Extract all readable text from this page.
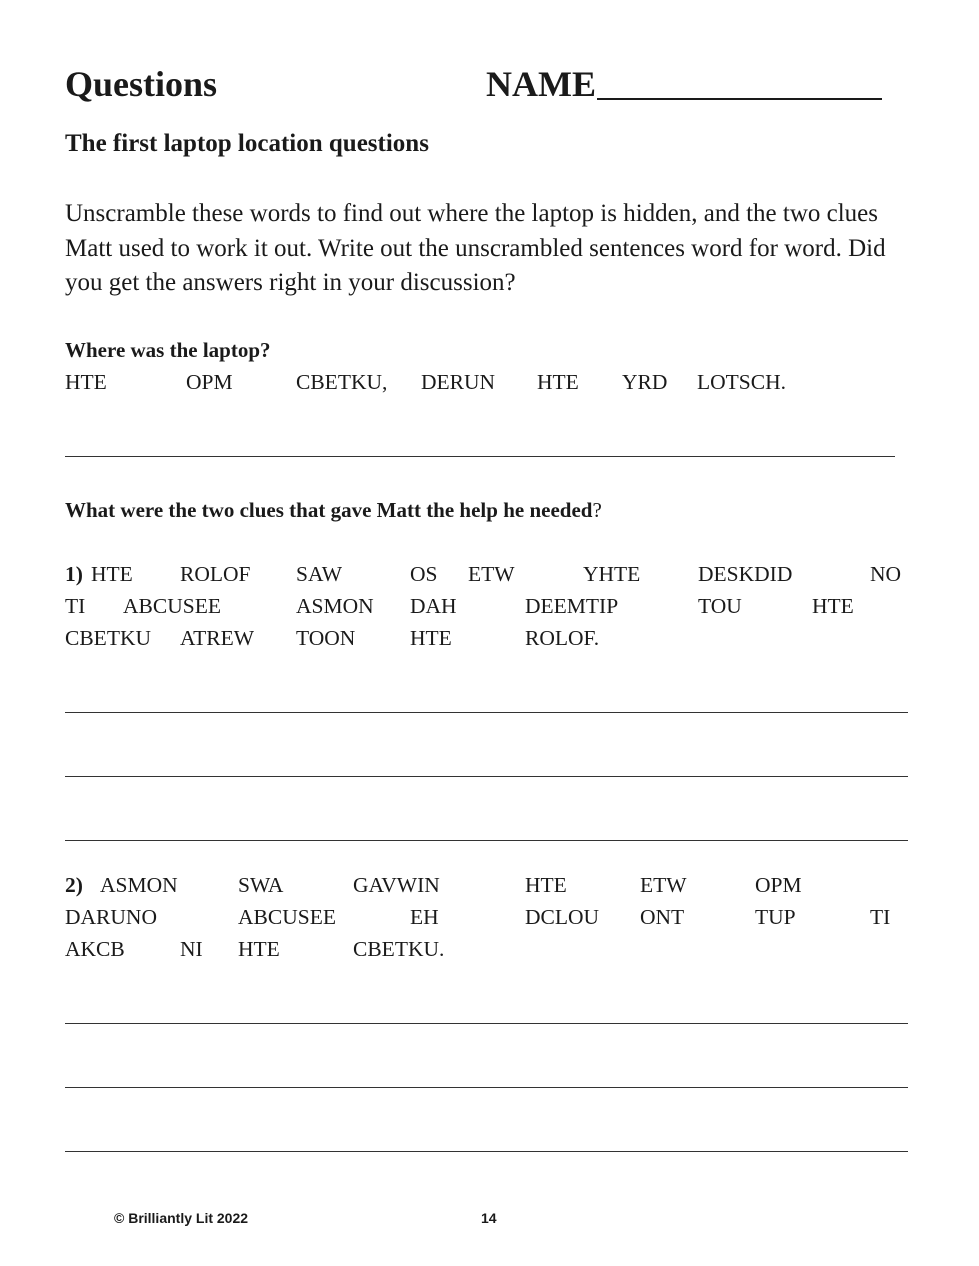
Questions	NAME
The first laptop location questions
Unscramble these words to find out where the laptop is hidden, and the two clues Matt used to work it out. Write out the unscrambled sentences word for word. Did you get the answers right in your discussion?
Where was the laptop?
HTE	OPM	CBETKU, DERUN HTE YRD LOTSCH.
What were the two clues that gave Matt the help he needed?
1) HTE ROLOF SAW	OS ETW	YHTE	DESKDID	NO
TI ABCUSEE	ASMON DAH	DEEMTIP	TOU	HTE
CBETKU ATREW TOON	HTE	ROLOF.
2) ASMON	SWA	GAVWIN	HTE	ETW	OPM
DARUNO	ABCUSEE	EH	DCLOU ONT	TUP	TI
AKCB	NI HTE	CBETKU.
© Brilliantly Lit 2022	14
